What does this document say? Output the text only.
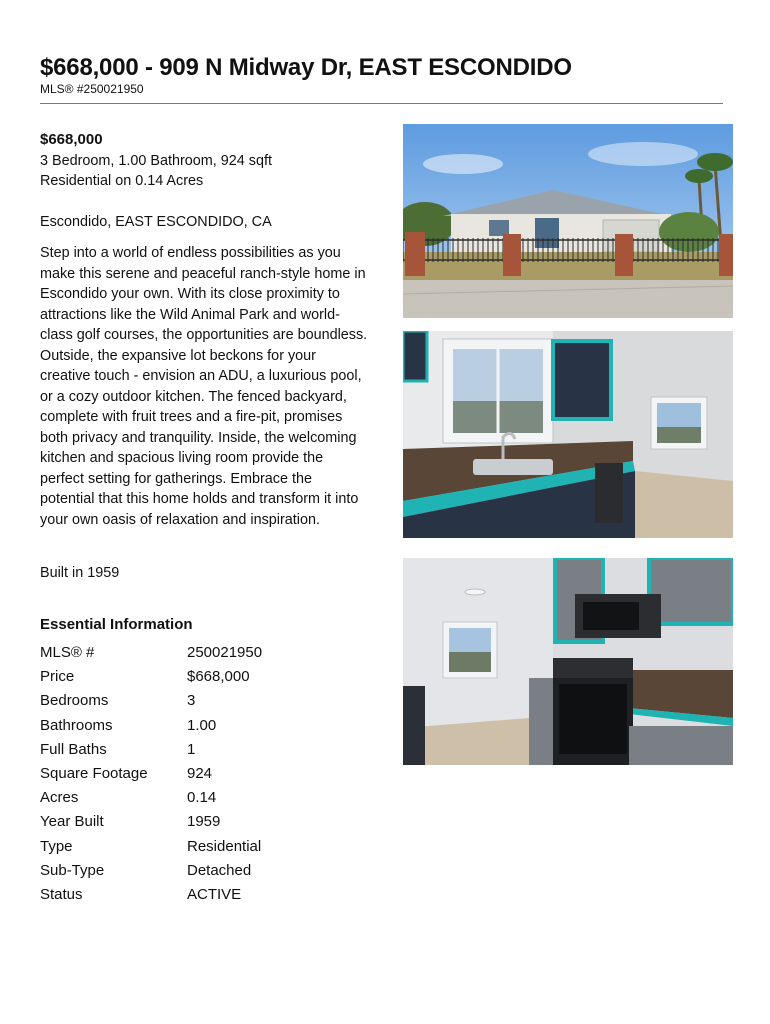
$668,000 - 909 N Midway Dr, EAST ESCONDIDO
MLS® #250021950

$668,000

3 Bedroom, 1.00 Bathroom, 924 sqft

Residential on 0.14 Acres

Escondido, EAST ESCONDIDO, CA

Step into a world of endless possibilities as you make this serene and peaceful ranch-style home in Escondido your own. With its close proximity to attractions like the Wild Animal Park and world-class golf courses, the opportunities are boundless. Outside, the expansive lot beckons for your creative touch - envision an ADU, a luxurious pool, or a cozy outdoor kitchen. The fenced backyard, complete with fruit trees and a fire-pit, promises both privacy and tranquility. Inside, the welcoming kitchen and spacious living room provide the perfect setting for gatherings. Embrace the potential that this home holds and transform it into your own oasis of relaxation and inspiration.

Built in 1959

Essential Information

MLS® #	250021950
Price	$668,000
Bedrooms	3
Bathrooms	1.00
Full Baths	1
Square Footage	924
Acres	0.14
Year Built	1959
Type	Residential
Sub-Type	Detached
Status	ACTIVE
